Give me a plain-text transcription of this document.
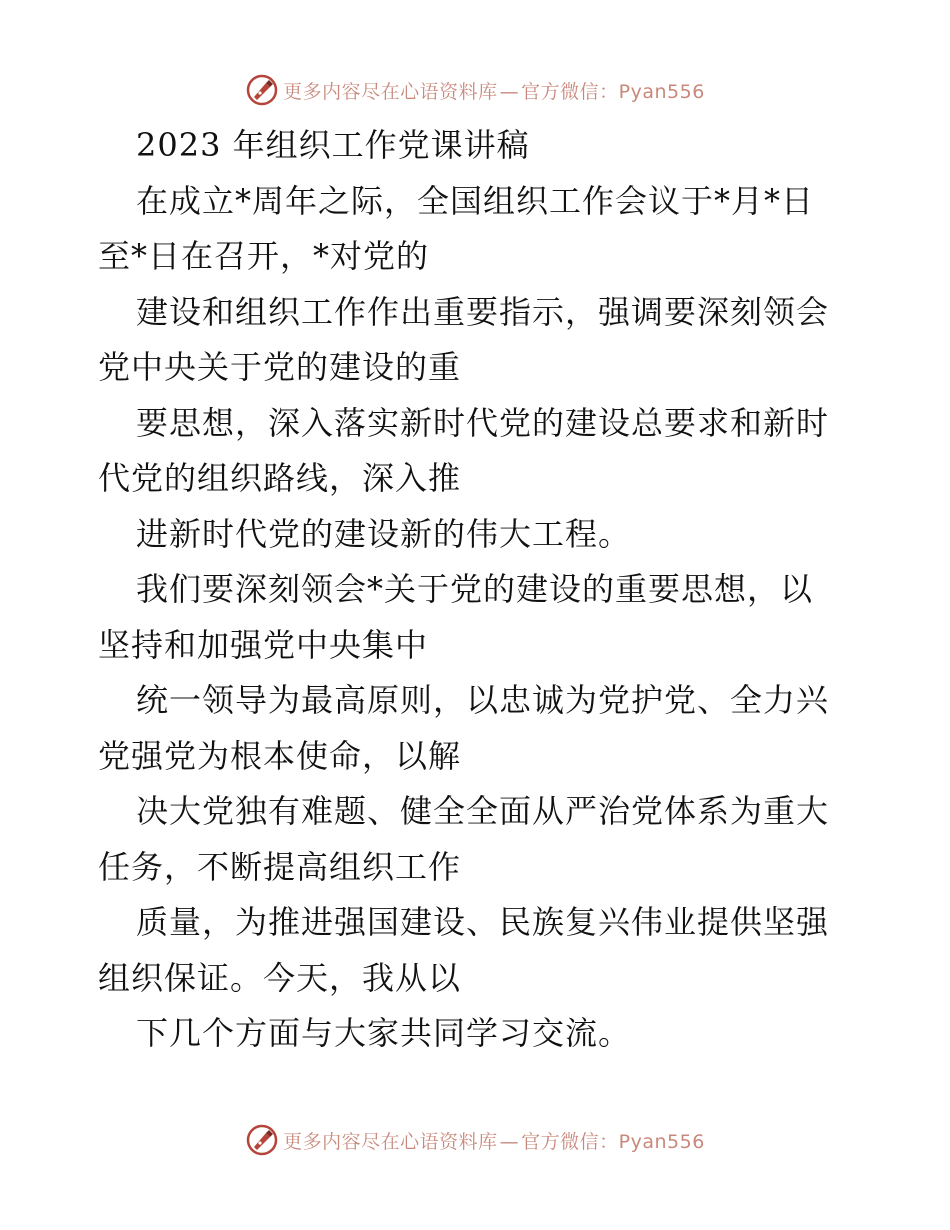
更多内容尽在心语资料库 — 官方微信：Pyan556
2023 年组织工作党课讲稿
在成立*周年之际，全国组织工作会议于*月*日
至*日在召开，*对党的
建设和组织工作作出重要指示，强调要深刻领会
党中央关于党的建设的重
要思想，深入落实新时代党的建设总要求和新时
代党的组织路线，深入推
进新时代党的建设新的伟大工程。
我们要深刻领会*关于党的建设的重要思想，以
坚持和加强党中央集中
统一领导为最高原则，以忠诚为党护党、全力兴
党强党为根本使命，以解
决大党独有难题、健全全面从严治党体系为重大
任务，不断提高组织工作
质量，为推进强国建设、民族复兴伟业提供坚强
组织保证。今天，我从以
下几个方面与大家共同学习交流。
更多内容尽在心语资料库 — 官方微信：Pyan556
